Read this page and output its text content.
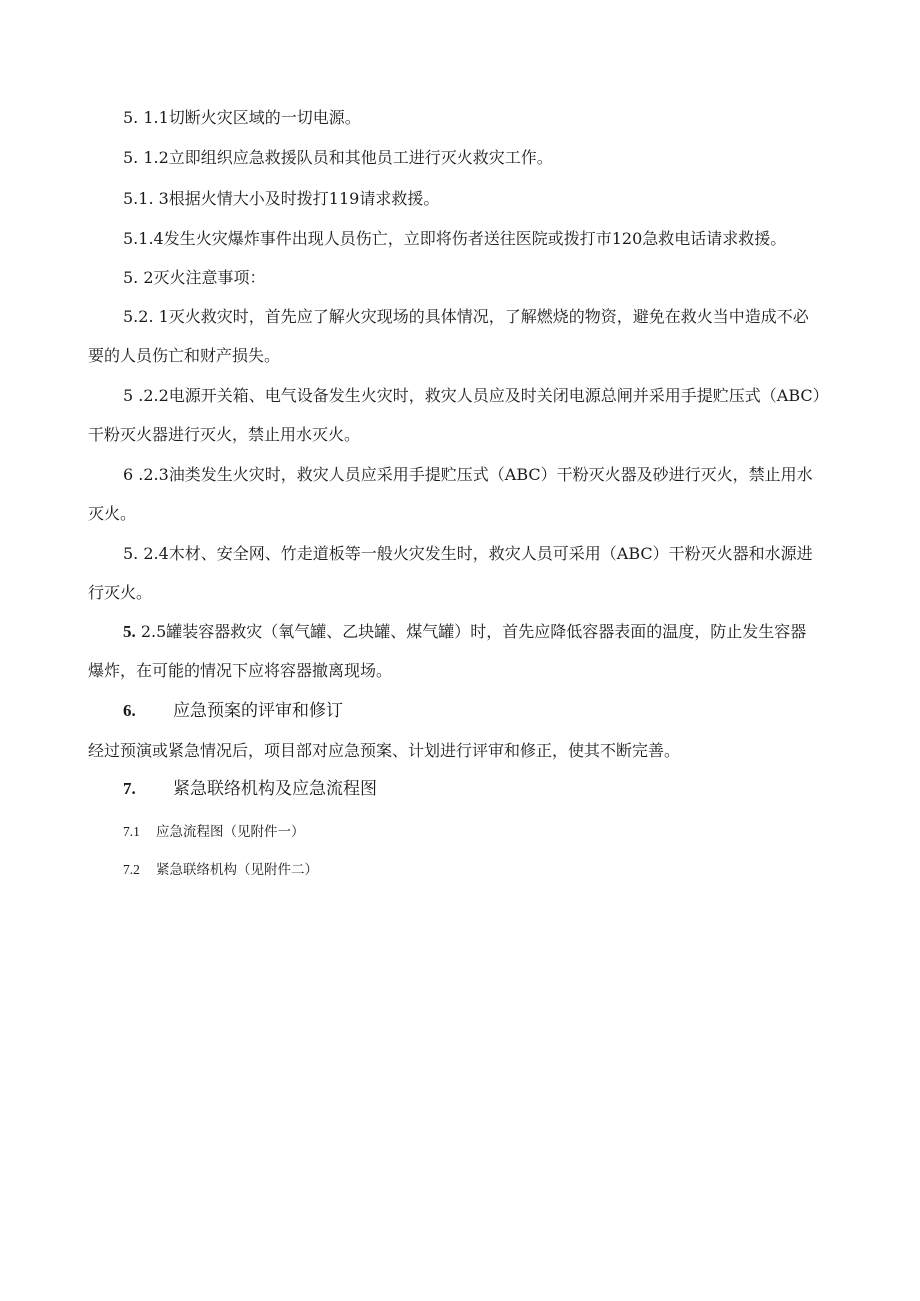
5. 1.1切断火灾区域的一切电源。
5. 1.2立即组织应急救援队员和其他员工进行灭火救灾工作。
5.1. 3根据火情大小及时拨打119请求救援。
5.1.4发生火灾爆炸事件出现人员伤亡，立即将伤者送往医院或拨打市120急救电话请求救援。
5. 2灭火注意事项：
5.2. 1灭火救灾时，首先应了解火灾现场的具体情况，了解燃烧的物资，避免在救火当中造成不必
要的人员伤亡和财产损失。
5 .2.2电源开关箱、电气设备发生火灾时，救灾人员应及时关闭电源总闸并采用手提贮压式（ABC）
干粉灭火器进行灭火，禁止用水灭火。
6 .2.3油类发生火灾时，救灾人员应采用手提贮压式（ABC）干粉灭火器及砂进行灭火，禁止用水
灭火。
5. 2.4木材、安全网、竹走道板等一般火灾发生时，救灾人员可采用（ABC）干粉灭火器和水源进
行灭火。
5. 2.5罐装容器救灾（氧气罐、乙块罐、煤气罐）时，首先应降低容器表面的温度，防止发生容器
爆炸，在可能的情况下应将容器撤离现场。
6. 应急预案的评审和修订
经过预演或紧急情况后，项目部对应急预案、计划进行评审和修正，使其不断完善。
7. 紧急联络机构及应急流程图
7.1 应急流程图（见附件一）
7.2 紧急联络机构（见附件二）
